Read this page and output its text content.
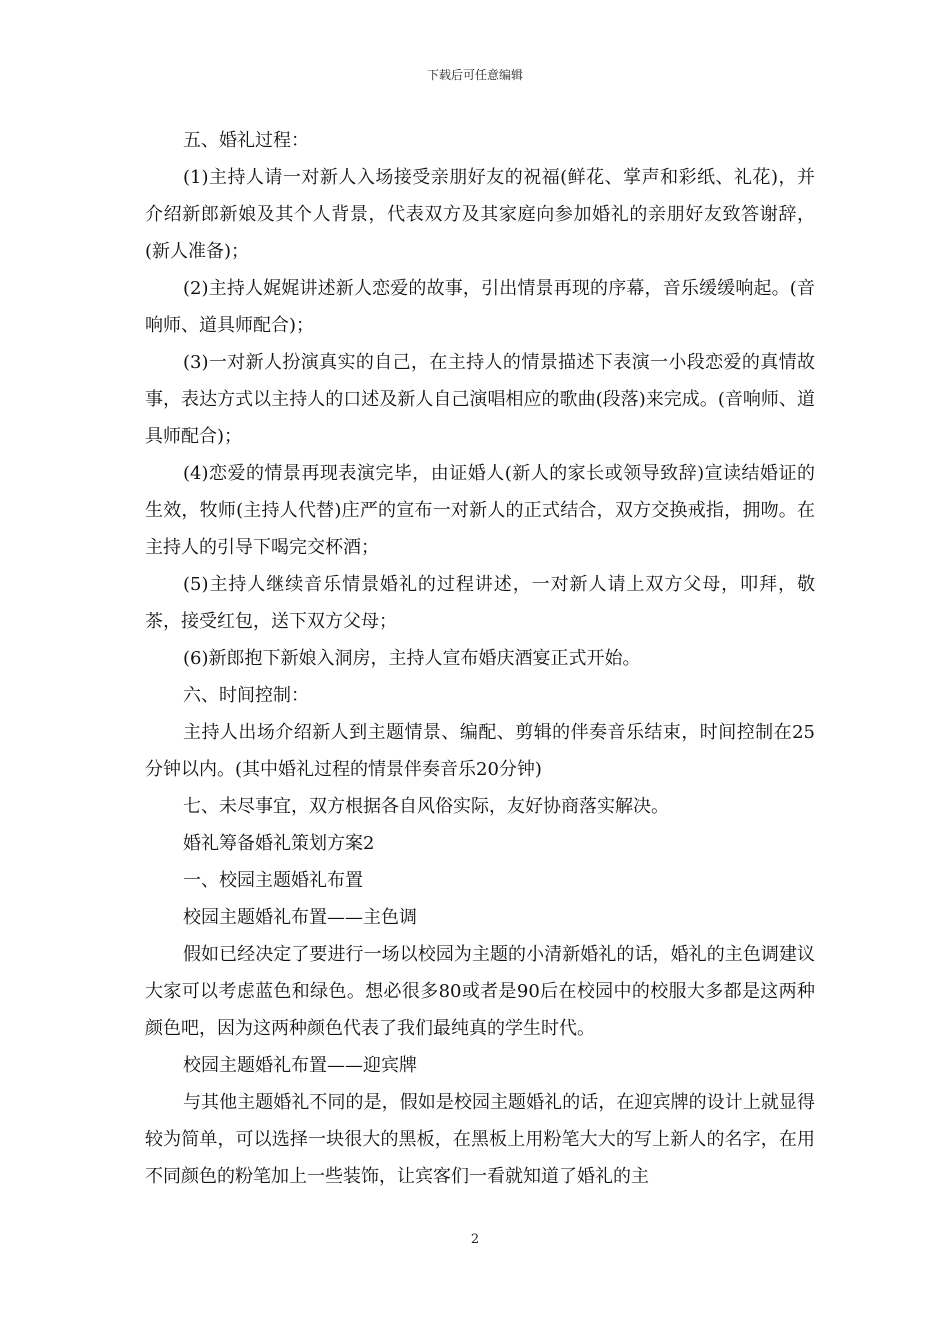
下载后可任意编辑

五、婚礼过程：

(1)主持人请一对新人入场接受亲朋好友的祝福(鲜花、掌声和彩纸、礼花)，并介绍新郎新娘及其个人背景，代表双方及其家庭向参加婚礼的亲朋好友致答谢辞，(新人准备)；

(2)主持人娓娓讲述新人恋爱的故事，引出情景再现的序幕，音乐缓缓响起。(音响师、道具师配合)；

(3)一对新人扮演真实的自己，在主持人的情景描述下表演一小段恋爱的真情故事，表达方式以主持人的口述及新人自己演唱相应的歌曲(段落)来完成。(音响师、道具师配合)；

(4)恋爱的情景再现表演完毕，由证婚人(新人的家长或领导致辞)宣读结婚证的生效，牧师(主持人代替)庄严的宣布一对新人的正式结合，双方交换戒指，拥吻。在主持人的引导下喝完交杯酒；

(5)主持人继续音乐情景婚礼的过程讲述，一对新人请上双方父母，叩拜，敬茶，接受红包，送下双方父母；

(6)新郎抱下新娘入洞房，主持人宣布婚庆酒宴正式开始。

六、时间控制：

主持人出场介绍新人到主题情景、编配、剪辑的伴奏音乐结束，时间控制在25分钟以内。(其中婚礼过程的情景伴奏音乐20分钟)

七、未尽事宜，双方根据各自风俗实际，友好协商落实解决。

婚礼筹备婚礼策划方案2

一、校园主题婚礼布置

校园主题婚礼布置——主色调

假如已经决定了要进行一场以校园为主题的小清新婚礼的话，婚礼的主色调建议大家可以考虑蓝色和绿色。想必很多80或者是90后在校园中的校服大多都是这两种颜色吧，因为这两种颜色代表了我们最纯真的学生时代。

校园主题婚礼布置——迎宾牌

与其他主题婚礼不同的是，假如是校园主题婚礼的话，在迎宾牌的设计上就显得较为简单，可以选择一块很大的黑板，在黑板上用粉笔大大的写上新人的名字，在用不同颜色的粉笔加上一些装饰，让宾客们一看就知道了婚礼的主

2
